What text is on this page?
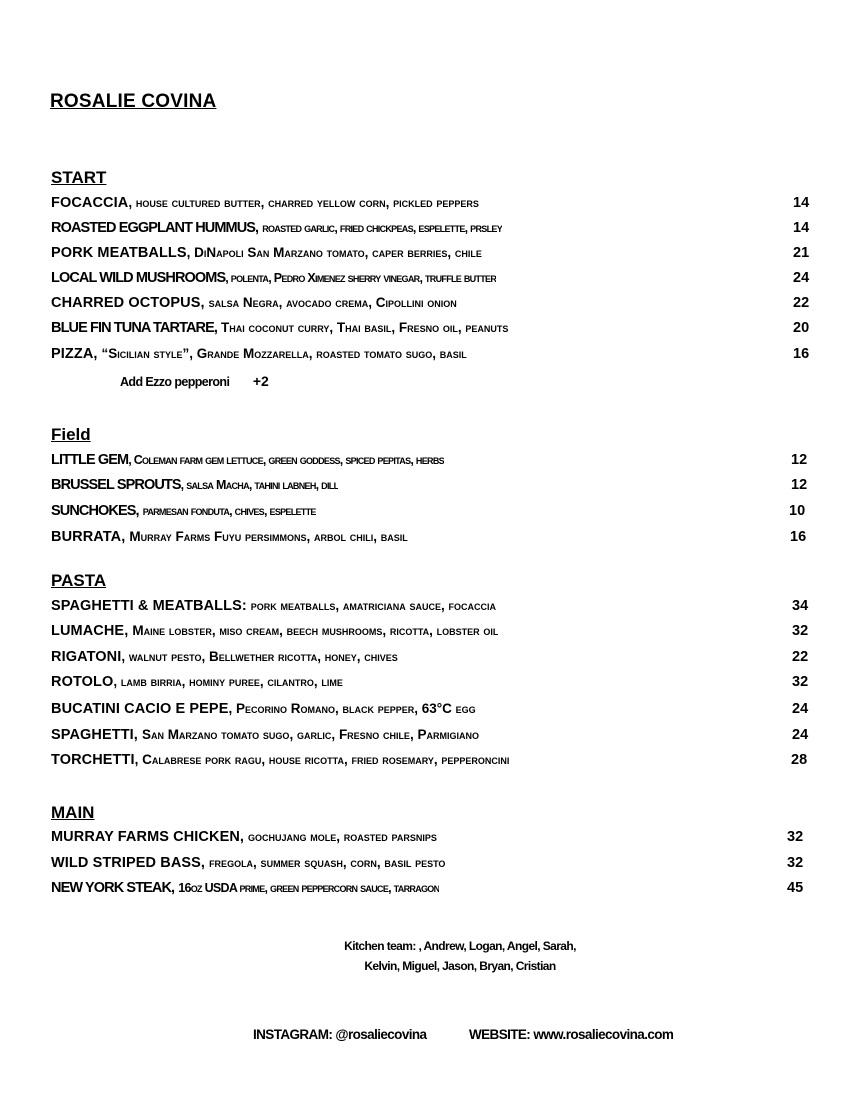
ROSALIE COVINA
START
FOCACCIA , house cultured butter, charred yellow corn, pickled peppers	14
ROASTED EGGPLANT HUMMUS, roasted garlic, fried chickpeas, espelette, prsley	14
PORK MEATBALLS , DiNapoli San Marzano tomato, caper berries, chile	21
LOCAL WILD MUSHROOMS , polenta, Pedro Ximenez sherry vinegar, truffle butter	24
CHARRED OCTOPUS, salsa Negra, avocado crema, Cipollini onion	22
BLUE FIN TUNA TARTARE, Thai coconut curry, Thai basil, Fresno oil, peanuts	20
PIZZA, “Sicilian style”, Grande Mozzarella, roasted tomato sugo, basil	16
Add Ezzo pepperoni +2
Field
LITTLE GEM , Coleman farm gem lettuce, green goddess, spiced pepitas, herbs	12
BRUSSEL SPROUTS , salsa Macha, tahini labneh, dill	12
SUNCHOKES, parmesan fonduta, chives, espelette	10
BURRATA, Murray Farms Fuyu persimmons, arbol chili, basil	16
PASTA
SPAGHETTI & MEATBALLS: pork meatballs, amatriciana sauce, focaccia	34
LUMACHE, Maine lobster, miso cream, beech mushrooms, ricotta, lobster oil	32
RIGATONI , walnut pesto, Bellwether ricotta, honey, chives	22
ROTOLO , lamb birria, hominy puree, cilantro, lime	32
BUCATINI CACIO E PEPE , Pecorino Romano, black pepper, 63°C egg	24
SPAGHETTI, San Marzano tomato sugo, garlic, Fresno chile, Parmigiano	24
TORCHETTI , Calabrese pork ragu, house ricotta, fried rosemary, pepperoncini	28
MAIN
MURRAY FARMS CHICKEN, gochujang mole, roasted parsnips	32
WILD STRIPED BASS, fregola, summer squash, corn, basil pesto	32
NEW YORK STEAK, 16oz USDA prime, green peppercorn sauce, tarragon	45
Kitchen team: , Andrew, Logan, Angel, Sarah,
Kelvin, Miguel, Jason, Bryan, Cristian
INSTAGRAM: @rosaliecovina	WEBSITE: www.rosaliecovina.com
